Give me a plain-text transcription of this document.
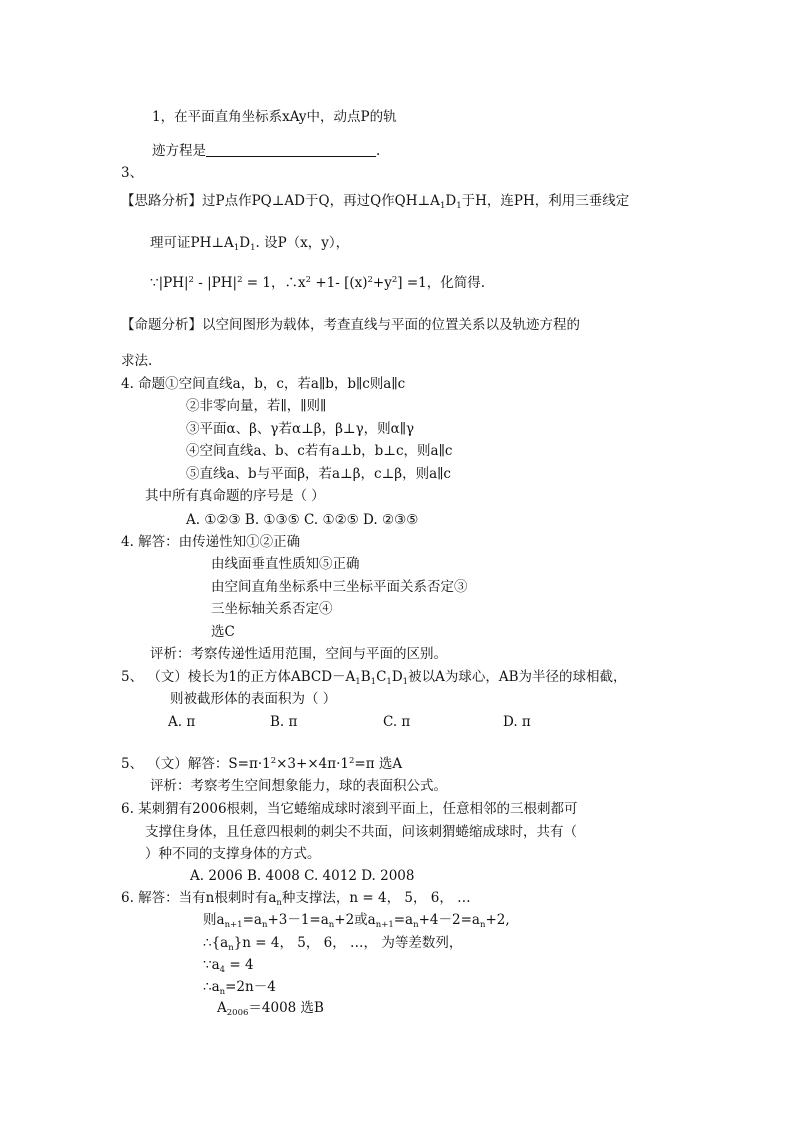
1，在平面直角坐标系xAy中，动点P的轨
迹方程是	.
3、
【思路分析】过P点作PQ⊥AD于Q，再过Q作$QH\perp A_1D_1$于H，连PH，利用三垂线定
理可证$PH\perp A_1D_1$. 设P（x，y），
$\because|PH|^2 - |PH|^2 = 1$，$\therefore x^2 +1-$ $[(x)^2+y^2] =1$，化简得.
【命题分析】以空间图形为载体，考查直线与平面的位置关系以及轨迹方程的
求法.
4. 命题①空间直线a，b，c，若a∥b，b∥c则a∥c
②非零向量，若∥，∥则∥
③平面α、β、γ若α⊥β，β⊥γ，则α∥γ
④空间直线a、b、c若有a⊥b，b⊥c，则a∥c
⑤直线a、b与平面β，若a⊥β，c⊥β，则a∥c
其中所有真命题的序号是（ ）
A. ①②③ B. ①③⑤ C. ①②⑤ D. ②③⑤
4. 解答：由传递性知①②正确
由线面垂直性质知⑤正确
由空间直角坐标系中三坐标平面关系否定③
三坐标轴关系否定④
选C
评析：考察传递性适用范围，空间与平面的区别。
5、 （文）棱长为1的正方体$ABCD-A_1B_1C_1D_1$被以A为球心，AB为半径的球相截，
则被截形体的表面积为（ ）
A. π	B. π	C. π	D. π
5、 （文）解答：$S=\pi\cdot 1^2\times 3+\times 4\pi\cdot 1^2=\pi$ 选A
评析：考察考生空间想象能力，球的表面积公式。
6. 某刺猬有2006根刺，当它蜷缩成球时滚到平面上，任意相邻的三根刺都可
支撑住身体，且任意四根刺的刺尖不共面，问该刺猬蜷缩成球时，共有（
）种不同的支撑身体的方式。
A. 2006 B. 4008 C. 4012 D. 2008
6. 解答：当有n根刺时有$a_n$种支撑法，n = 4， 5， 6， …
则$a_{n+1}=a_n+3-1=a_n+2$或$a_{n+1}=a_n+4-2=a_n+2$,
$\therefore\{a_n\}n = 4$， 5， 6， …， 为等差数列，
$\because a_4 = 4$
$\therefore a_n=2n-4$
$A_{2006}=4008$ 选B
